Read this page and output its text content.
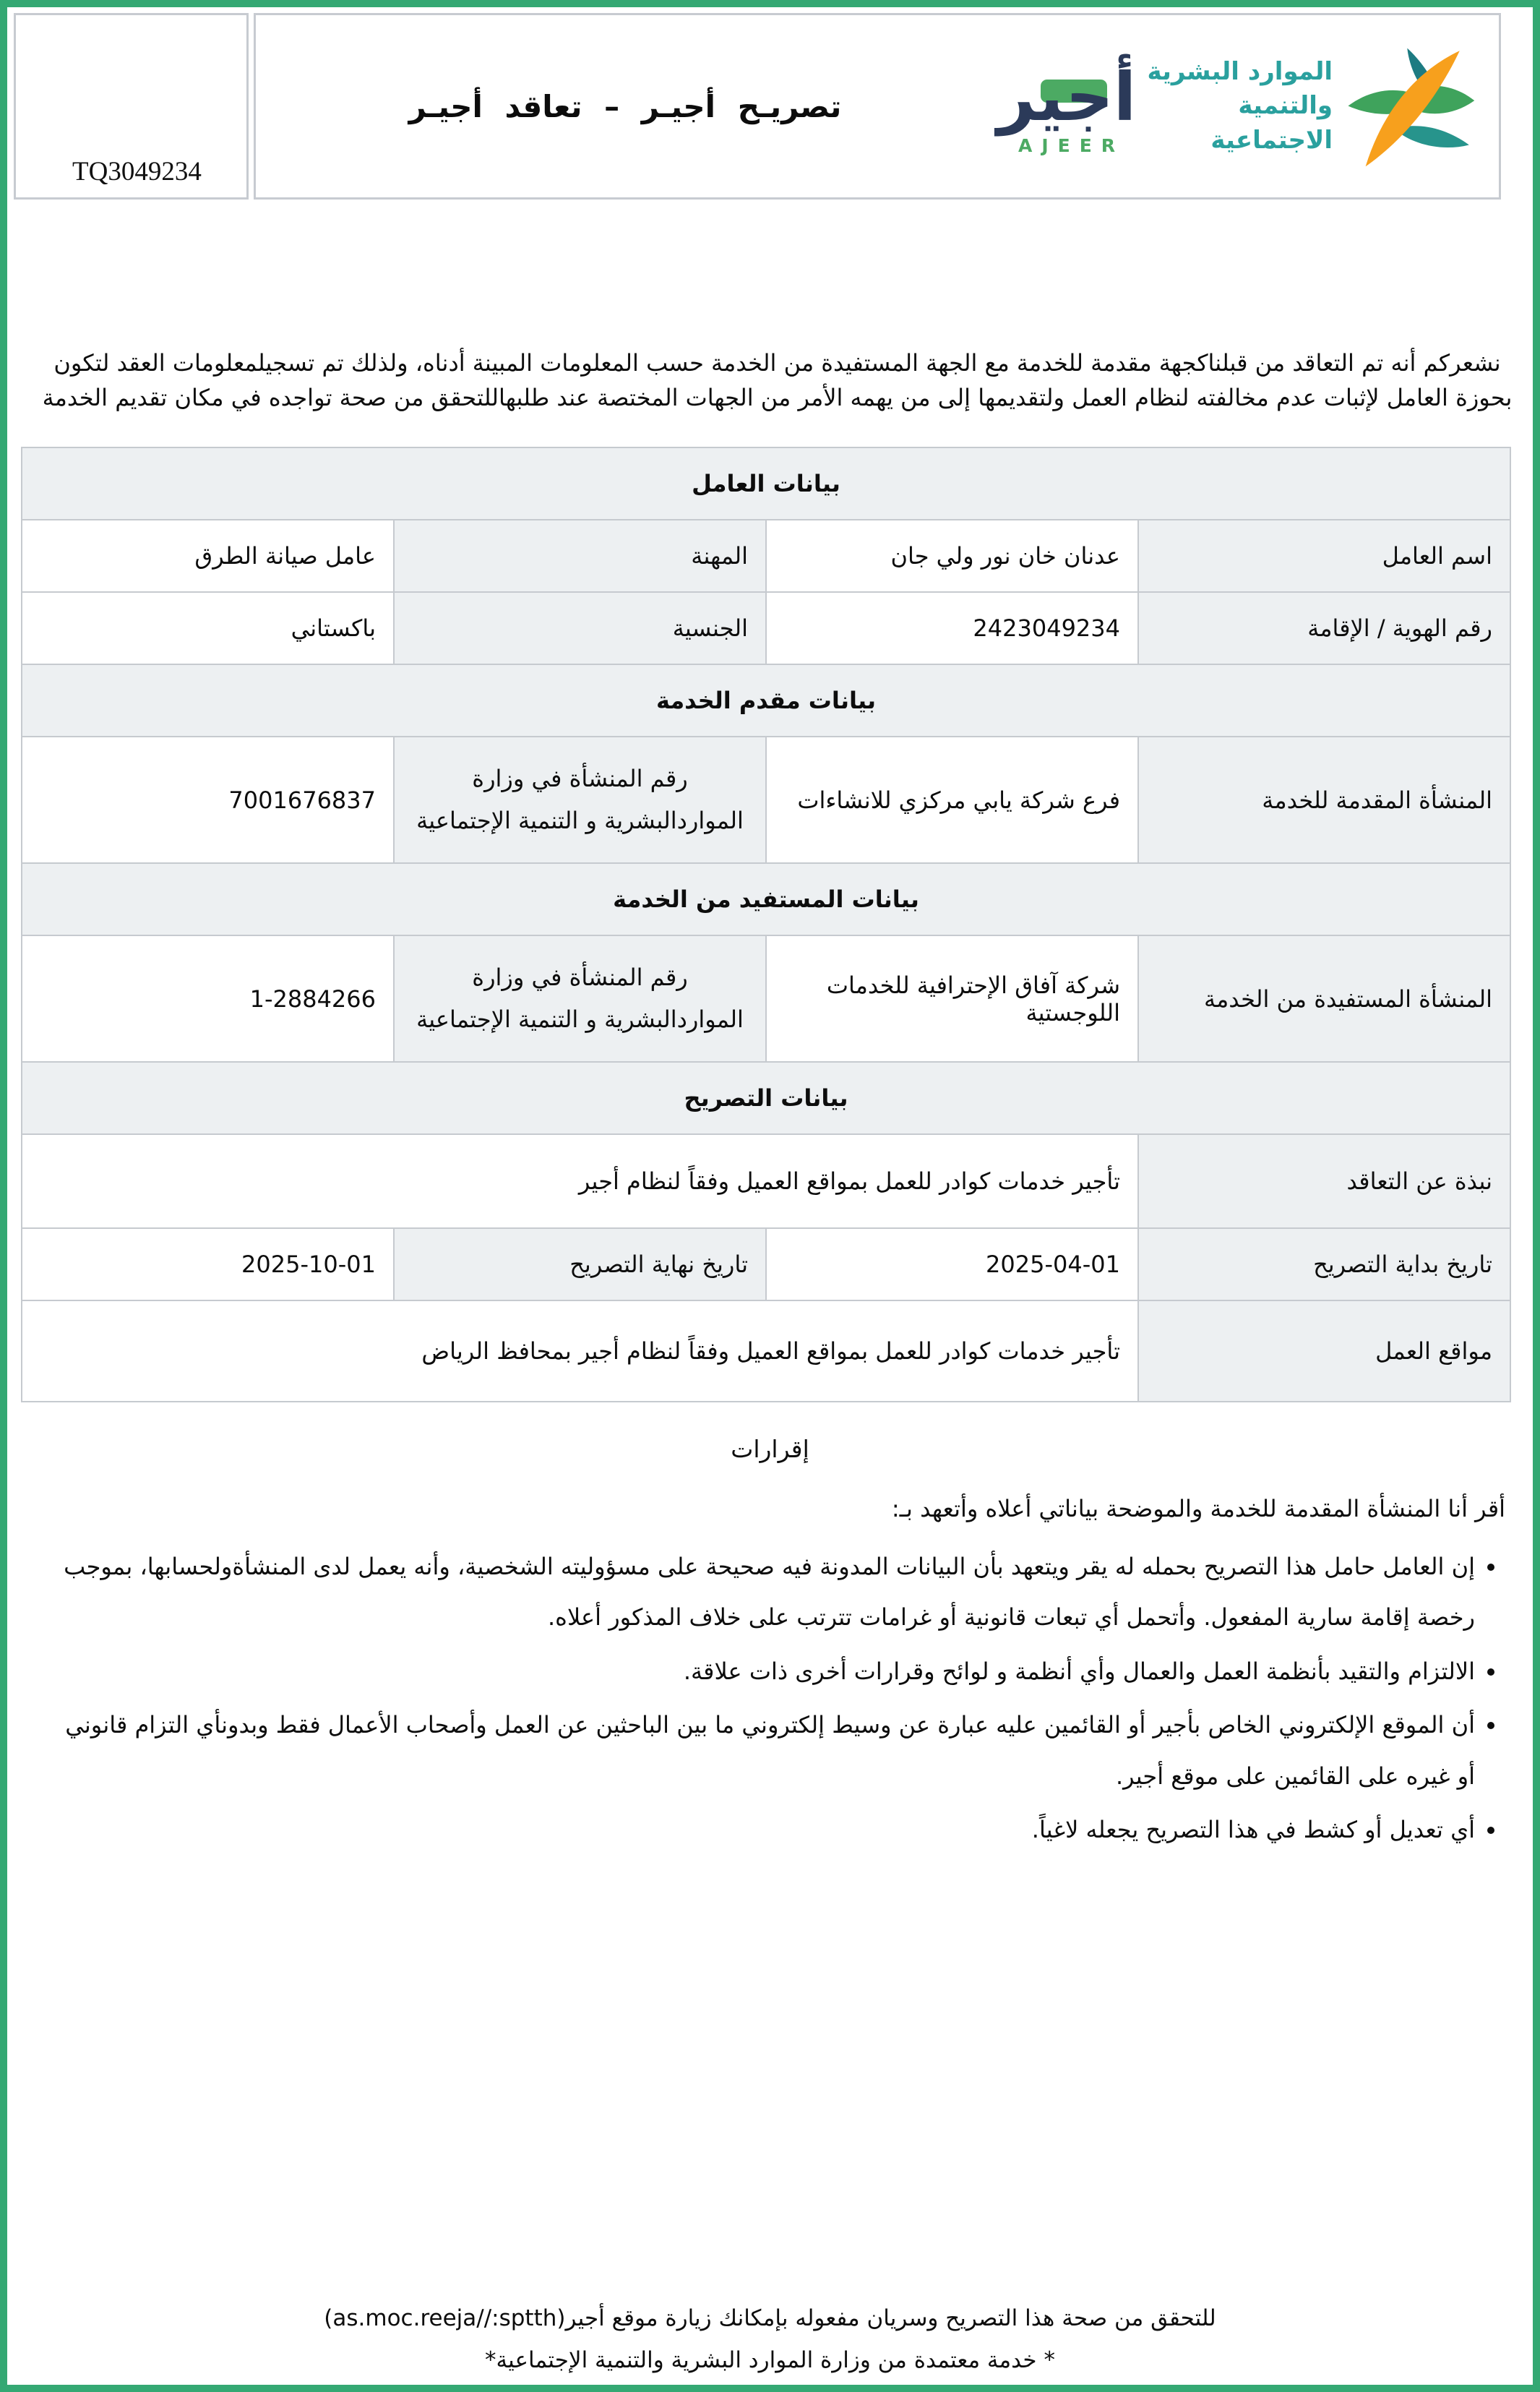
TQ3049234
تصريـح أجيـر – تعاقد أجيـر	أجير
AJEER
الموارد البشرية
والتنمية الاجتماعية

نشعركم أنه تم التعاقد من قبلناكجهة مقدمة للخدمة مع الجهة المستفيدة من الخدمة حسب المعلومات المبينة أدناه، ولذلك تم تسجيلمعلومات العقد لتكون بحوزة العامل لإثبات عدم مخالفته لنظام العمل ولتقديمها إلى من يهمه الأمر من الجهات المختصة عند طلبهاللتحقق من صحة تواجده في مكان تقديم الخدمة

بيانات العامل			
اسم العامل	عدنان خان نور ولي جان	المهنة	عامل صيانة الطرق
رقم الهوية / الإقامة	2423049234	الجنسية	باكستاني
بيانات مقدم الخدمة			
المنشأة المقدمة للخدمة	فرع شركة يابي مركزي للانشاءات	رقم المنشأة في وزارة المواردالبشرية و التنمية الإجتماعية	7001676837
بيانات المستفيد من الخدمة			
المنشأة المستفيدة من الخدمة	شركة آفاق الإحترافية للخدمات اللوجستية	رقم المنشأة في وزارة المواردالبشرية و التنمية الإجتماعية	1-2884266
بيانات التصريح			
نبذة عن التعاقد	تأجير خدمات كوادر للعمل بمواقع العميل وفقاً لنظام أجير		
تاريخ بداية التصريح	2025-04-01	تاريخ نهاية التصريح	2025-10-01
مواقع العمل	تأجير خدمات كوادر للعمل بمواقع العميل وفقاً لنظام أجير بمحافظ الرياض		
إقرارات

أقر أنا المنشأة المقدمة للخدمة والموضحة بياناتي أعلاه وأتعهد بـ:

• إن العامل حامل هذا التصريح بحمله له يقر ويتعهد بأن البيانات المدونة فيه صحيحة على مسؤوليته الشخصية، وأنه يعمل لدى المنشأةولحسابها، بموجب رخصة إقامة سارية المفعول. وأتحمل أي تبعات قانونية أو غرامات تترتب على خلاف المذكور أعلاه.
• الالتزام والتقيد بأنظمة العمل والعمال وأي أنظمة و لوائح وقرارات أخرى ذات علاقة.
• أن الموقع الإلكتروني الخاص بأجير أو القائمين عليه عبارة عن وسيط إلكتروني ما بين الباحثين عن العمل وأصحاب الأعمال فقط وبدونأي التزام قانوني أو غيره على القائمين على موقع أجير.
• أي تعديل أو كشط في هذا التصريح يجعله لاغياً.
للتحقق من صحة هذا التصريح وسريان مفعوله بإمكانك زيارة موقع أجير(as.moc.reeja//:sptth)
* خدمة معتمدة من وزارة الموارد البشرية والتنمية الإجتماعية*
